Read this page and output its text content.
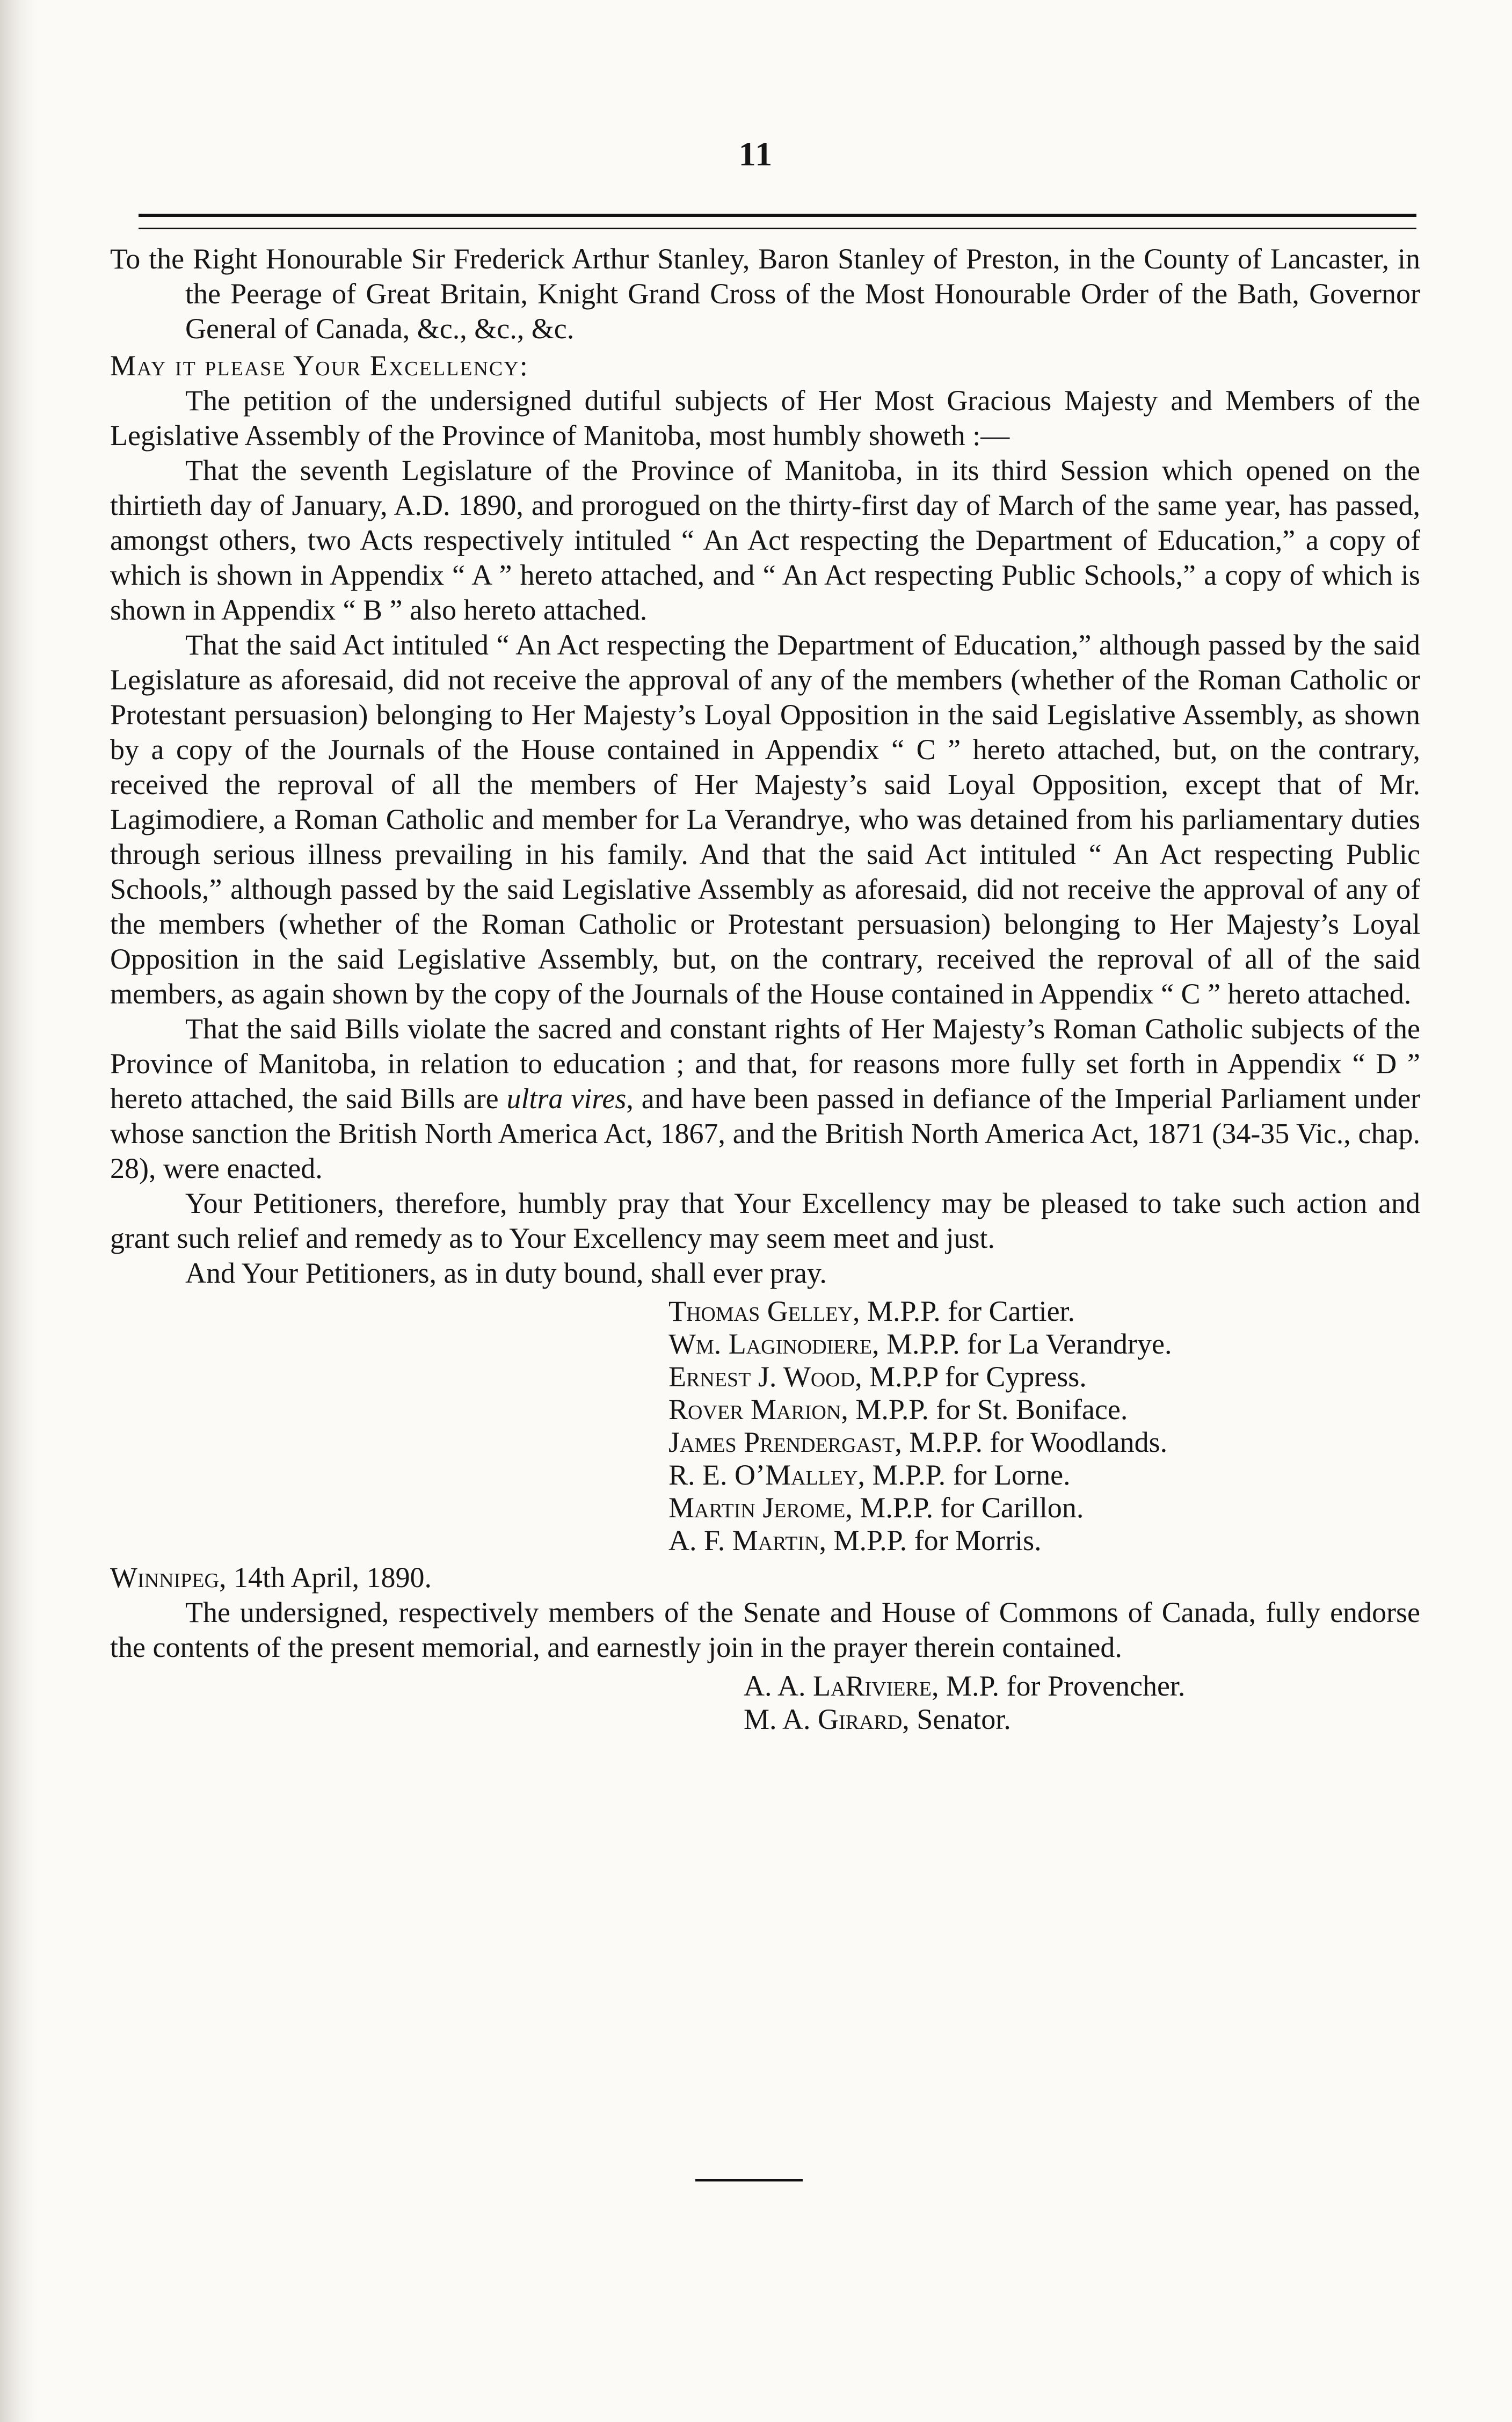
11

To the Right Honourable Sir Frederick Arthur Stanley, Baron Stanley of Preston, in the County of Lancaster, in the Peerage of Great Britain, Knight Grand Cross of the Most Honourable Order of the Bath, Governor General of Canada, &c., &c., &c.

May it please Your Excellency:

The petition of the undersigned dutiful subjects of Her Most Gracious Majesty and Members of the Legislative Assembly of the Province of Manitoba, most humbly showeth :—

That the seventh Legislature of the Province of Manitoba, in its third Session which opened on the thirtieth day of January, A.D. 1890, and prorogued on the thirty-first day of March of the same year, has passed, amongst others, two Acts respectively intituled “ An Act respecting the Department of Education,” a copy of which is shown in Appendix “ A ” hereto attached, and “ An Act respecting Public Schools,” a copy of which is shown in Appendix “ B ” also hereto attached.

That the said Act intituled “ An Act respecting the Department of Education,” although passed by the said Legislature as aforesaid, did not receive the approval of any of the members (whether of the Roman Catholic or Protestant persuasion) belonging to Her Majesty’s Loyal Opposition in the said Legislative Assembly, as shown by a copy of the Journals of the House contained in Appendix “ C ” hereto attached, but, on the contrary, received the reproval of all the members of Her Majesty’s said Loyal Opposition, except that of Mr. Lagimodiere, a Roman Catholic and member for La Verandrye, who was detained from his parliamentary duties through serious illness prevailing in his family. And that the said Act intituled “ An Act respecting Public Schools,” although passed by the said Legislative Assembly as aforesaid, did not receive the approval of any of the members (whether of the Roman Catholic or Protestant persuasion) belonging to Her Majesty’s Loyal Opposition in the said Legislative Assembly, but, on the contrary, received the reproval of all of the said members, as again shown by the copy of the Journals of the House contained in Appendix “ C ” hereto attached.

That the said Bills violate the sacred and constant rights of Her Majesty’s Roman Catholic subjects of the Province of Manitoba, in relation to education ; and that, for reasons more fully set forth in Appendix “ D ” hereto attached, the said Bills are ultra vires, and have been passed in defiance of the Imperial Parliament under whose sanction the British North America Act, 1867, and the British North America Act, 1871 (34-35 Vic., chap. 28), were enacted.

Your Petitioners, therefore, humbly pray that Your Excellency may be pleased to take such action and grant such relief and remedy as to Your Excellency may seem meet and just.

And Your Petitioners, as in duty bound, shall ever pray.

Thomas Gelley, M.P.P. for Cartier.

Wm. Laginodiere, M.P.P. for La Verandrye.

Ernest J. Wood, M.P.P for Cypress.

Rover Marion, M.P.P. for St. Boniface.

James Prendergast, M.P.P. for Woodlands.

R. E. O’Malley, M.P.P. for Lorne.

Martin Jerome, M.P.P. for Carillon.

A. F. Martin, M.P.P. for Morris.

Winnipeg, 14th April, 1890.

The undersigned, respectively members of the Senate and House of Commons of Canada, fully endorse the contents of the present memorial, and earnestly join in the prayer therein contained.

A. A. LaRiviere, M.P. for Provencher.

M. A. Girard, Senator.
